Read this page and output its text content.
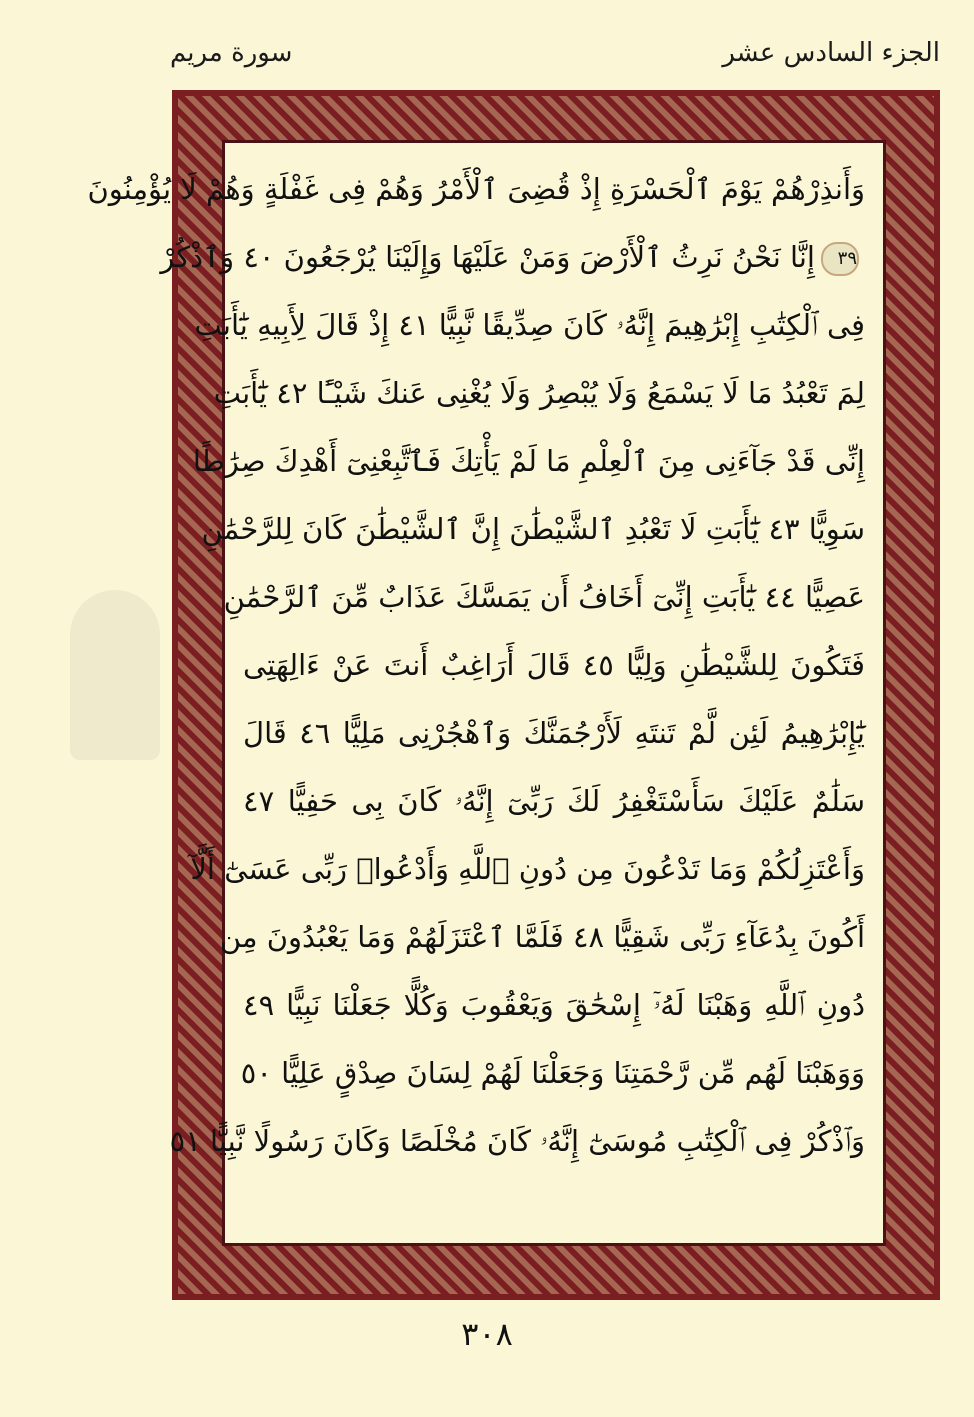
الجزء السادس عشر
سورة مريم
وَأَنذِرْهُمْ يَوْمَ ٱلْحَسْرَةِ إِذْ قُضِىَ ٱلْأَمْرُ وَهُمْ فِى غَفْلَةٍ وَهُمْ لَا يُؤْمِنُونَ
٣٩إِنَّا نَحْنُ نَرِثُ ٱلْأَرْضَ وَمَنْ عَلَيْهَا وَإِلَيْنَا يُرْجَعُونَ ٤٠ وَٱذْكُرْ
فِى ٱلْكِتَٰبِ إِبْرَٰهِيمَ إِنَّهُۥ كَانَ صِدِّيقًا نَّبِيًّا ٤١ إِذْ قَالَ لِأَبِيهِ يَٰٓأَبَتِ
لِمَ تَعْبُدُ مَا لَا يَسْمَعُ وَلَا يُبْصِرُ وَلَا يُغْنِى عَنكَ شَيْـًٔا ٤٢ يَٰٓأَبَتِ
إِنِّى قَدْ جَآءَنِى مِنَ ٱلْعِلْمِ مَا لَمْ يَأْتِكَ فَٱتَّبِعْنِىٓ أَهْدِكَ صِرَٰطًا
سَوِيًّا ٤٣ يَٰٓأَبَتِ لَا تَعْبُدِ ٱلشَّيْطَٰنَ إِنَّ ٱلشَّيْطَٰنَ كَانَ لِلرَّحْمَٰنِ
عَصِيًّا ٤٤ يَٰٓأَبَتِ إِنِّىٓ أَخَافُ أَن يَمَسَّكَ عَذَابٌ مِّنَ ٱلرَّحْمَٰنِ
فَتَكُونَ لِلشَّيْطَٰنِ وَلِيًّا ٤٥ قَالَ أَرَاغِبٌ أَنتَ عَنْ ءَالِهَتِى
يَٰٓإِبْرَٰهِيمُ لَئِن لَّمْ تَنتَهِ لَأَرْجُمَنَّكَ وَٱهْجُرْنِى مَلِيًّا ٤٦ قَالَ
سَلَٰمٌ عَلَيْكَ سَأَسْتَغْفِرُ لَكَ رَبِّىٓ إِنَّهُۥ كَانَ بِى حَفِيًّا ٤٧
وَأَعْتَزِلُكُمْ وَمَا تَدْعُونَ مِن دُونِ ٱللَّهِ وَأَدْعُوا۟ رَبِّى عَسَىٰٓ أَلَّآ
أَكُونَ بِدُعَآءِ رَبِّى شَقِيًّا ٤٨ فَلَمَّا ٱعْتَزَلَهُمْ وَمَا يَعْبُدُونَ مِن
دُونِ ٱللَّهِ وَهَبْنَا لَهُۥٓ إِسْحَٰقَ وَيَعْقُوبَ وَكُلًّا جَعَلْنَا نَبِيًّا ٤٩
وَوَهَبْنَا لَهُم مِّن رَّحْمَتِنَا وَجَعَلْنَا لَهُمْ لِسَانَ صِدْقٍ عَلِيًّا ٥٠
وَٱذْكُرْ فِى ٱلْكِتَٰبِ مُوسَىٰٓ إِنَّهُۥ كَانَ مُخْلَصًا وَكَانَ رَسُولًا نَّبِيًّا ٥١
٣٠٨
